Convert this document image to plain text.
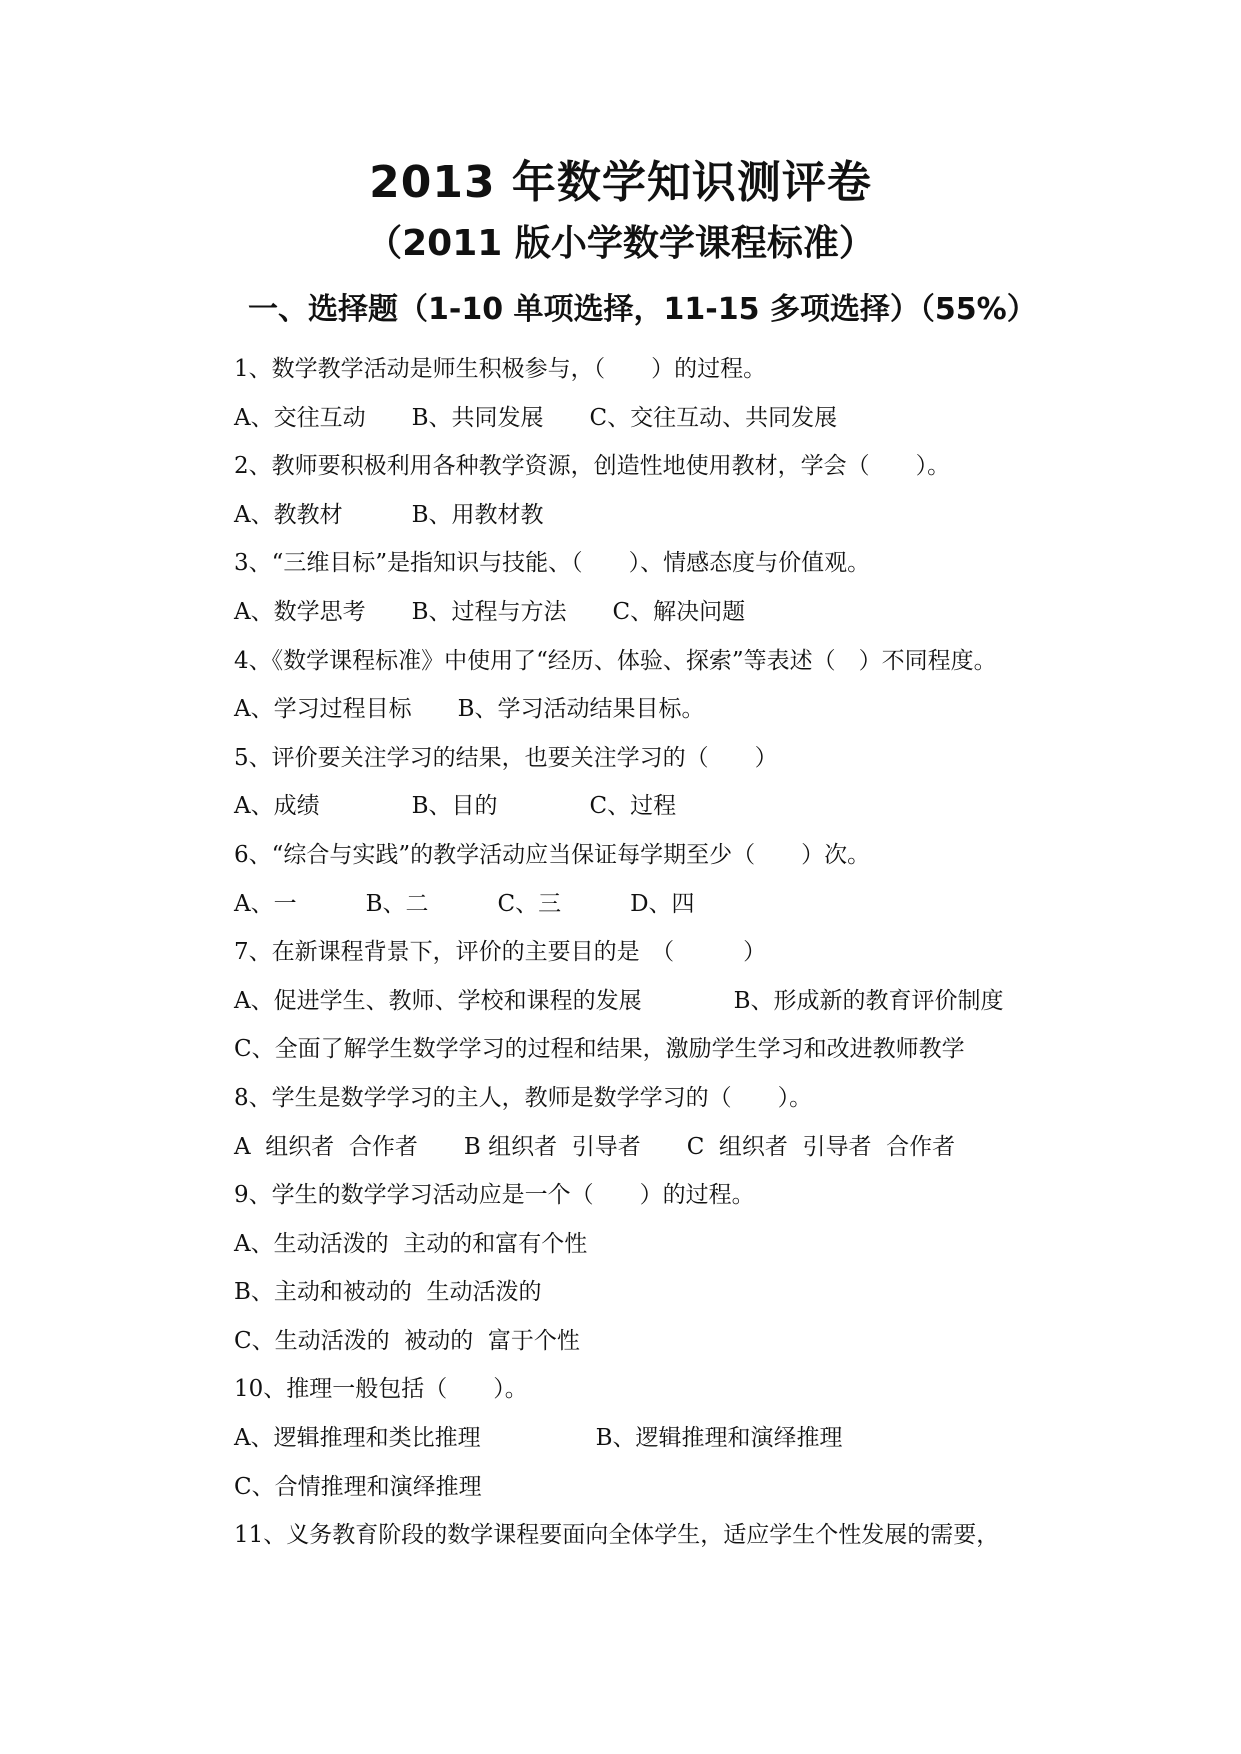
2013 年数学知识测评卷
（2011 版小学数学课程标准）
一、选择题（1-10 单项选择，11-15 多项选择）（55%）
1、数学教学活动是师生积极参与，（　　）的过程。
A、交往互动　　B、共同发展　　C、交往互动、共同发展
2、教师要积极利用各种教学资源，创造性地使用教材，学会（　　）。
A、教教材　　　B、用教材教
3、“三维目标”是指知识与技能、（　　）、情感态度与价值观。
A、数学思考　　B、过程与方法　　C、解决问题
4、《数学课程标准》中使用了“经历、体验、探索”等表述（　）不同程度。
A、学习过程目标　　B、学习活动结果目标。
5、评价要关注学习的结果，也要关注学习的（　　）
A、成绩　　　　B、目的　　　　C、过程
6、“综合与实践”的教学活动应当保证每学期至少（　　）次。
A、一　　　B、二　　　C、三　　　D、四
7、在新课程背景下，评价的主要目的是　（　　　）
A、促进学生、教师、学校和课程的发展　　　　B、形成新的教育评价制度
C、全面了解学生数学学习的过程和结果，激励学生学习和改进教师教学
8、学生是数学学习的主人，教师是数学学习的（　　）。
A  组织者  合作者　　B 组织者  引导者　　C  组织者  引导者  合作者
9、学生的数学学习活动应是一个（　　）的过程。
A、生动活泼的  主动的和富有个性
B、主动和被动的  生动活泼的
C、生动活泼的  被动的  富于个性
10、推理一般包括（　　）。
A、逻辑推理和类比推理　　　　　B、逻辑推理和演绎推理
C、合情推理和演绎推理
11、义务教育阶段的数学课程要面向全体学生，适应学生个性发展的需要，
